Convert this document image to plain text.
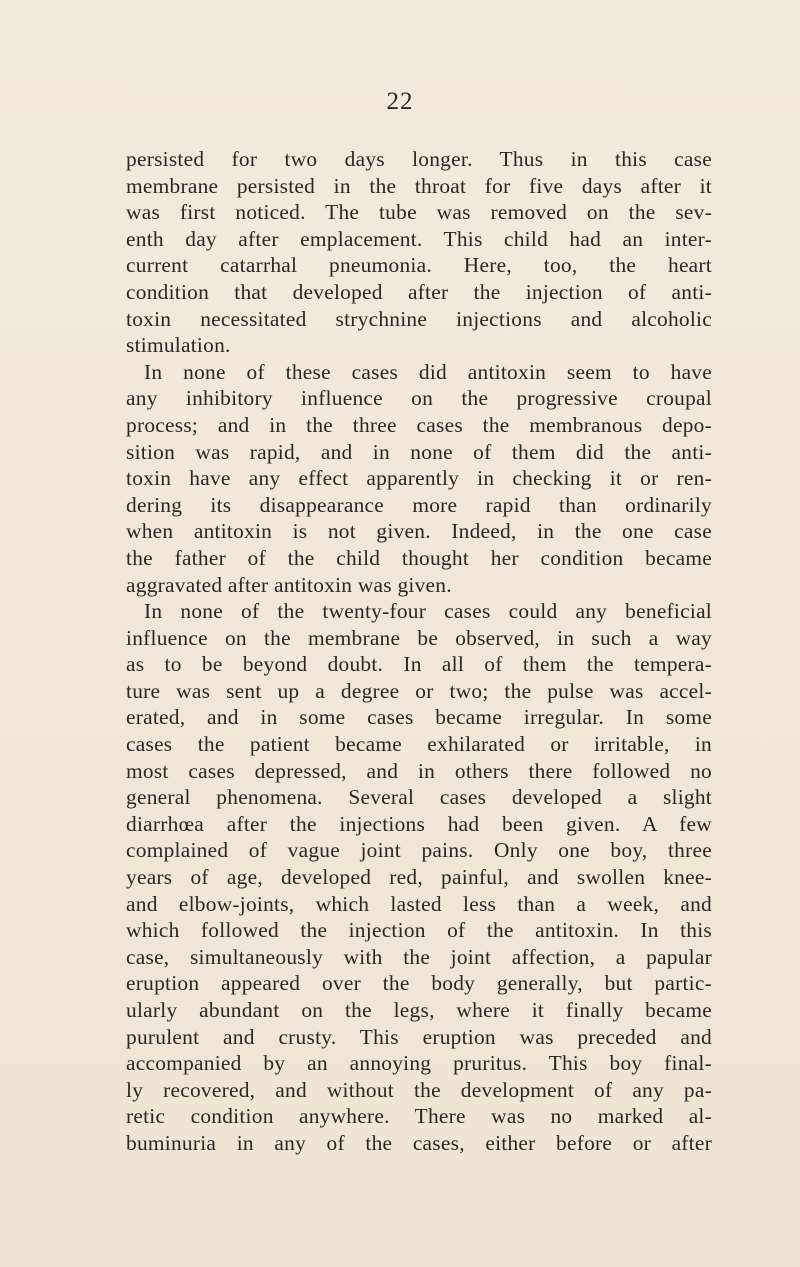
22
persisted for two days longer. Thus in this case
membrane persisted in the throat for five days after it
was first noticed. The tube was removed on the sev-
enth day after emplacement. This child had an inter-
current catarrhal pneumonia. Here, too, the heart
condition that developed after the injection of anti-
toxin necessitated strychnine injections and alcoholic
stimulation.
In none of these cases did antitoxin seem to have
any inhibitory influence on the progressive croupal
process; and in the three cases the membranous depo-
sition was rapid, and in none of them did the anti-
toxin have any effect apparently in checking it or ren-
dering its disappearance more rapid than ordinarily
when antitoxin is not given. Indeed, in the one case
the father of the child thought her condition became
aggravated after antitoxin was given.
In none of the twenty-four cases could any beneficial
influence on the membrane be observed, in such a way
as to be beyond doubt. In all of them the tempera-
ture was sent up a degree or two; the pulse was accel-
erated, and in some cases became irregular. In some
cases the patient became exhilarated or irritable, in
most cases depressed, and in others there followed no
general phenomena. Several cases developed a slight
diarrhœa after the injections had been given. A few
complained of vague joint pains. Only one boy, three
years of age, developed red, painful, and swollen knee-
and elbow-joints, which lasted less than a week, and
which followed the injection of the antitoxin. In this
case, simultaneously with the joint affection, a papular
eruption appeared over the body generally, but partic-
ularly abundant on the legs, where it finally became
purulent and crusty. This eruption was preceded and
accompanied by an annoying pruritus. This boy final-
ly recovered, and without the development of any pa-
retic condition anywhere. There was no marked al-
buminuria in any of the cases, either before or after
